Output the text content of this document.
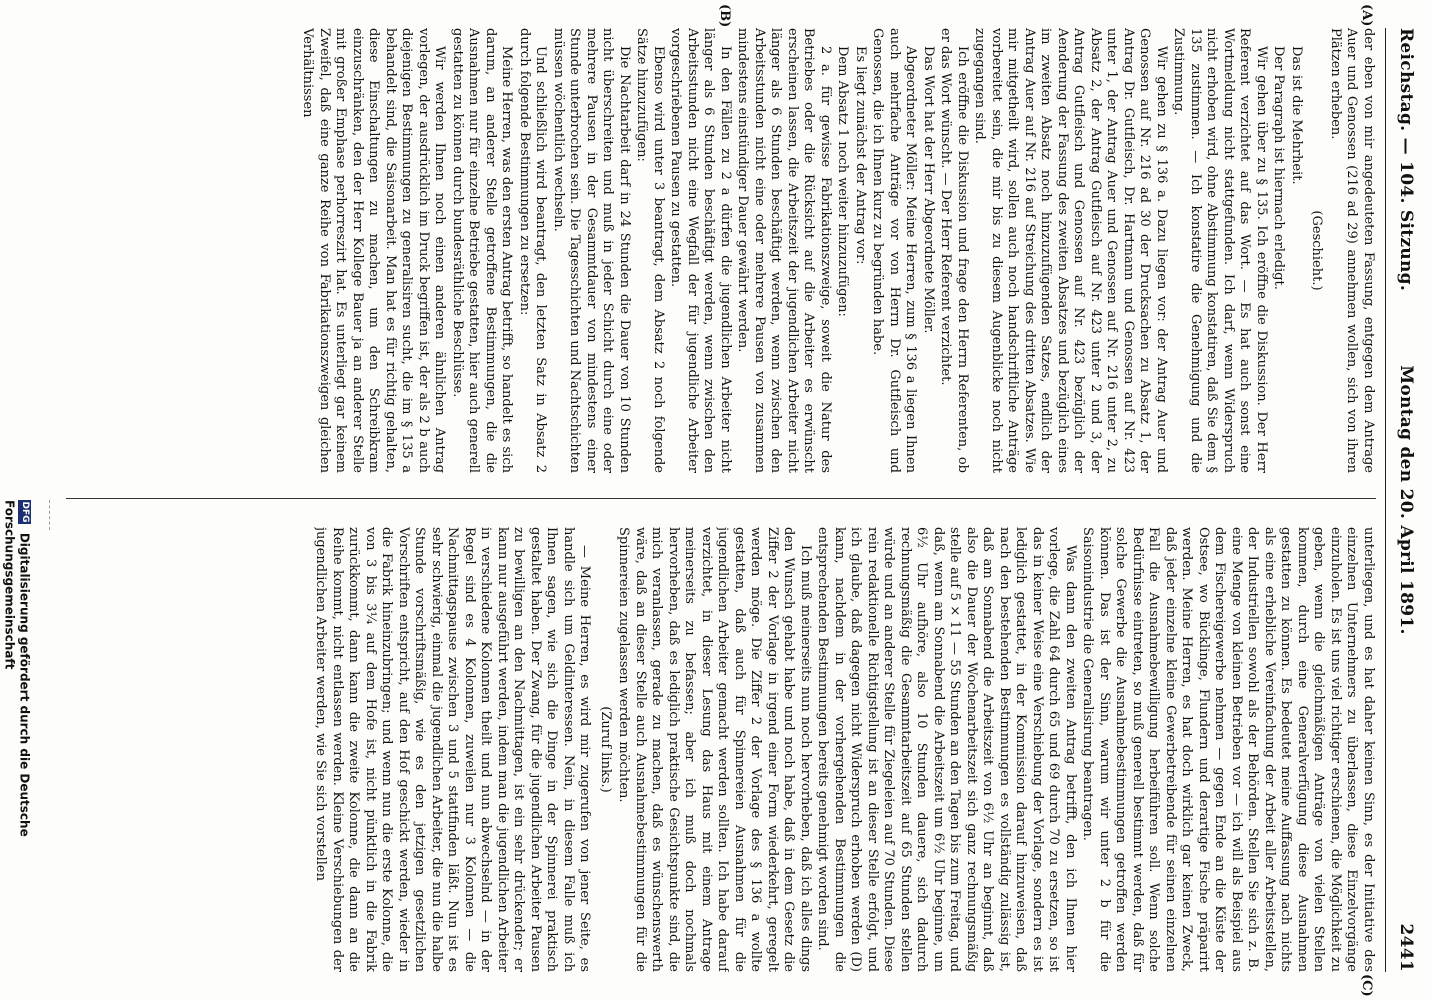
Reichstag. — 104. Sitzung.
Montag den 20. April 1891.
2441
(A)
(B)
(C)

der eben von mir angedeuteten Fassung, entgegen dem Antrage Auer und Genossen (216 ad 29) annehmen wollen, sich von ihren Plätzen erheben.

(Geschieht.)

Das ist die Mehrheit.

Der Paragraph ist hiermach erledigt.

Wir gehen über zu § 135. Ich eröffne die Diskussion. Der Herr Referent verzichtet auf das Wort. — Es hat auch sonst eine Wortmeldung nicht stattgefunden. Ich darf, wenn Widerspruch nicht erhoben wird, ohne Abstimmung konstatiren, daß Sie dem § 135 zustimmen. — Ich konstatire die Genehmigung und die Zustimmung.

Wir gehen zu § 136 a. Dazu liegen vor: der Antrag Auer und Genossen auf Nr. 216 ad 30 der Drucksachen zu Absatz 1, der Antrag Dr. Gutfleisch, Dr. Hartmann und Genossen auf Nr. 423 unter 1, der Antrag Auer und Genossen auf Nr. 216 unter 2, zu Absatz 2, der Antrag Gutfleisch auf Nr. 423 unter 2 und 3, der Antrag Gutfleisch und Genossen auf Nr. 423 bezüglich der Aenderung der Fassung des zweiten Absatzes und bezüglich eines im zweiten Absatz noch hinzuzufügenden Satzes, endlich der Antrag Auer auf Nr. 216 auf Streichung des dritten Absatzes. Wie mir mitgetheilt wird, sollen auch noch handschriftliche Anträge vorbereitet sein, die mir bis zu diesem Augenblicke noch nicht zugegangen sind.

Ich eröffne die Diskussion und frage den Herrn Referenten, ob er das Wort wünscht. — Der Herr Referent verzichtet.

Das Wort hat der Herr Abgeordnete Möller.

Abgeordneter Möller: Meine Herren, zum § 136 a liegen Ihnen auch mehrfache Anträge vor von Herrn Dr. Gutfleisch und Genossen, die ich Ihnen kurz zu begründen habe.

Es liegt zunächst der Antrag vor:

Dem Absatz 1 noch weiter hinzuzufügen:

2 a. für gewisse Fabrikationszweige, soweit die Natur des Betriebes oder die Rücksicht auf die Arbeiter es erwünscht erscheinen lassen, die Arbeitszeit der jugendlichen Arbeiter nicht länger als 6 Stunden beschäftigt werden, wenn zwischen den Arbeitsstunden nicht eine oder mehrere Pausen von zusammen mindestens einstündiger Dauer gewährt werden.

In den Fällen zu 2 a dürfen die jugendlichen Arbeiter nicht länger als 6 Stunden beschäftigt werden, wenn zwischen den Arbeitsstunden nicht eine Wegfall der für jugendliche Arbeiter vorgeschriebenen Pausen zu gestatten.

Ebenso wird unter 3 beantragt, dem Absatz 2 noch folgende Sätze hinzuzufügen:

Die Nachtarbeit darf in 24 Stunden die Dauer von 10 Stunden nicht überschreiten und muß in jeder Schicht durch eine oder mehrere Pausen in der Gesammtdauer von mindestens einer Stunde unterbrochen sein. Die Tagesschichten und Nachtschichten müssen wöchentlich wechseln.

Und schließlich wird beantragt, den letzten Satz in Absatz 2 durch folgende Bestimmungen zu ersetzen:

Meine Herren, was den ersten Antrag betrifft, so handelt es sich darum, an anderer Stelle getroffene Bestimmungen, die die Ausnahmen nur für einzelne Betriebe gestatten, hier auch generell gestatten zu können durch bundesräthliche Beschlüsse.

Wir werden Ihnen noch einen anderen ähnlichen Antrag vorlegen, der ausdrücklich im Druck begriffen ist, der als 2 b auch diejenigen Bestimmungen zu generalisiren sucht, die im § 135 a behandelt sind, die Saisonarbeit. Man hat es für richtig gehalten, diese Einschaltungen zu machen, um den Schreibkram einzuschränken, den der Herr Kollege Bauer ja an anderer Stelle mit großer Emphase perhorreszirt hat. Es unterliegt gar keinem Zweifel, daß eine ganze Reihe von Fabrikationszweigen gleichen Verhältnissen

unterliegen, und es hat daher keinen Sinn, es der Initiative des einzelnen Unternehmers zu überlassen, diese Einzelvorgänge einzuholen. Es ist uns viel richtiger erschienen, die Möglichkeit zu geben, wenn die gleichmäßigen Anträge von vielen Stellen kommen, durch eine Generalverfügung diese Ausnahmen gestatten zu können. Es bedeutet meine Auffassung nach nichts als eine erhebliche Vereinfachung der Arbeit aller Arbeitsstellen, der Industriellen sowohl als der Behörden. Stellen Sie sich z. B. eine Menge von kleinen Betrieben vor — ich will als Beispiel aus dem Fischereigewerbe nehmen — gegen Ende an die Küste der Ostsee, wo Bücklinge, Flundern und derartige Fische präparirt werden. Meine Herren, es hat doch wirklich gar keinen Zweck, daß jeder einzelne kleine Gewerbetreibende für seinen einzelnen Fall die Ausnahmebewilligung herbeiführen soll. Wenn solche Bedürfnisse eintreten, so muß generell bestimmt werden, daß für solche Gewerbe die Ausnahmebestimmungen getroffen werden können. Das ist der Sinn, warum wir unter 2 b für die Saisonindustrie die Generalisirung beantragen.

Was dann den zweiten Antrag betrifft, den ich Ihnen hier vorlege, die Zahl 64 durch 65 und 69 durch 70 zu ersetzen, so ist das in keiner Weise eine Verschiebung der Vorlage, sondern es ist lediglich gestattet, in der Kommission darauf hinzuweisen, daß nach den bestehenden Bestimmungen es vollständig zulässig ist, daß am Sonnabend die Arbeitszeit von 6½ Uhr an beginnt, daß also die Dauer der Wochenarbeitszeit sich ganz rechnungsmäßig stelle auf 5 × 11 — 55 Stunden an den Tagen bis zum Freitag, und daß, wenn am Sonnabend die Arbeitszeit um 6½ Uhr beginne, um 6½ Uhr aufhöre, also 10 Stunden dauere, sich dadurch rechnungsmäßig die Gesammtarbeitszeit auf 65 Stunden stellen würde und an anderer Stelle für Ziegeleien auf 70 Stunden. Diese rein redaktionelle Richtigstellung ist an dieser Stelle erfolgt, und ich glaube, daß dagegen nicht Widerspruch erhoben werden (D) kann, nachdem in der vorhergehenden Bestimmungen die entsprechenden Bestimmungen bereits genehmigt worden sind.

Ich muß meinerseits nun noch hervorheben, daß ich alles dings den Wunsch gehabt habe und noch habe, daß in dem Gesetz die Ziffer 2 der Vorlage in irgend einer Form wiederkehrt, geregelt werden möge. Die Ziffer 2 der Vorlage des § 136 a wollte gestatten, daß auch für Spinnereien Ausnahmen für die jugendlichen Arbeiter gemacht werden sollten. Ich habe darauf verzichtet, in dieser Lesung das Haus mit einem Antrage meinerseits zu befassen; aber ich muß doch nochmals hervorheben, daß es lediglich praktische Gesichtspunkte sind, die mich veranlassen, gerade zu machen, daß es wünschenswerth wäre, daß an dieser Stelle auch Ausnahmebestimmungen für die Spinnereien zugelassen werden möchten.

(Zuruf links.)

— Meine Herren, es wird mir zugerufen von jener Seite, es handle sich um Geldinteressen. Nein, in diesem Falle muß ich Ihnen sagen, wie sich die Dinge in der Spinnerei praktisch gestaltet haben. Der Zwang, für die jugendlichen Arbeiter Pausen zu bewilligen an den Nachmittagen, ist ein sehr drückender; er kann nur ausgeführt werden, indem man die jugendlichen Arbeiter in verschiedene Kolonnen theilt und nun abwechselnd — in der Regel sind es 4 Kolonnen, zuweilen nur 3 Kolonnen — die Nachmittagspause zwischen 3 und 5 stattfinden läßt. Nun ist es sehr schwierig, einmal die jugendlichen Arbeiter, die nun die halbe Stunde vorschriftsmäßig, wie es den jetzigen gesetzlichen Vorschriften entspricht, auf den Hof geschickt werden, wieder in die Fabrik hineinzubringen; und wenn nun die erste Kolonne, die von 3 bis 3¼ auf dem Hofe ist, nicht pünktlich in die Fabrik zurückkommt, dann kann die zweite Kolonne, die dann an die Reihe kommt, nicht entlassen werden. Kleine Verschiebungen der jugendlichen Arbeiter werden, wie Sie sich vorstellen

DFG Digitalisierung gefördert durch die Deutsche Forschungsgemeinschaft
